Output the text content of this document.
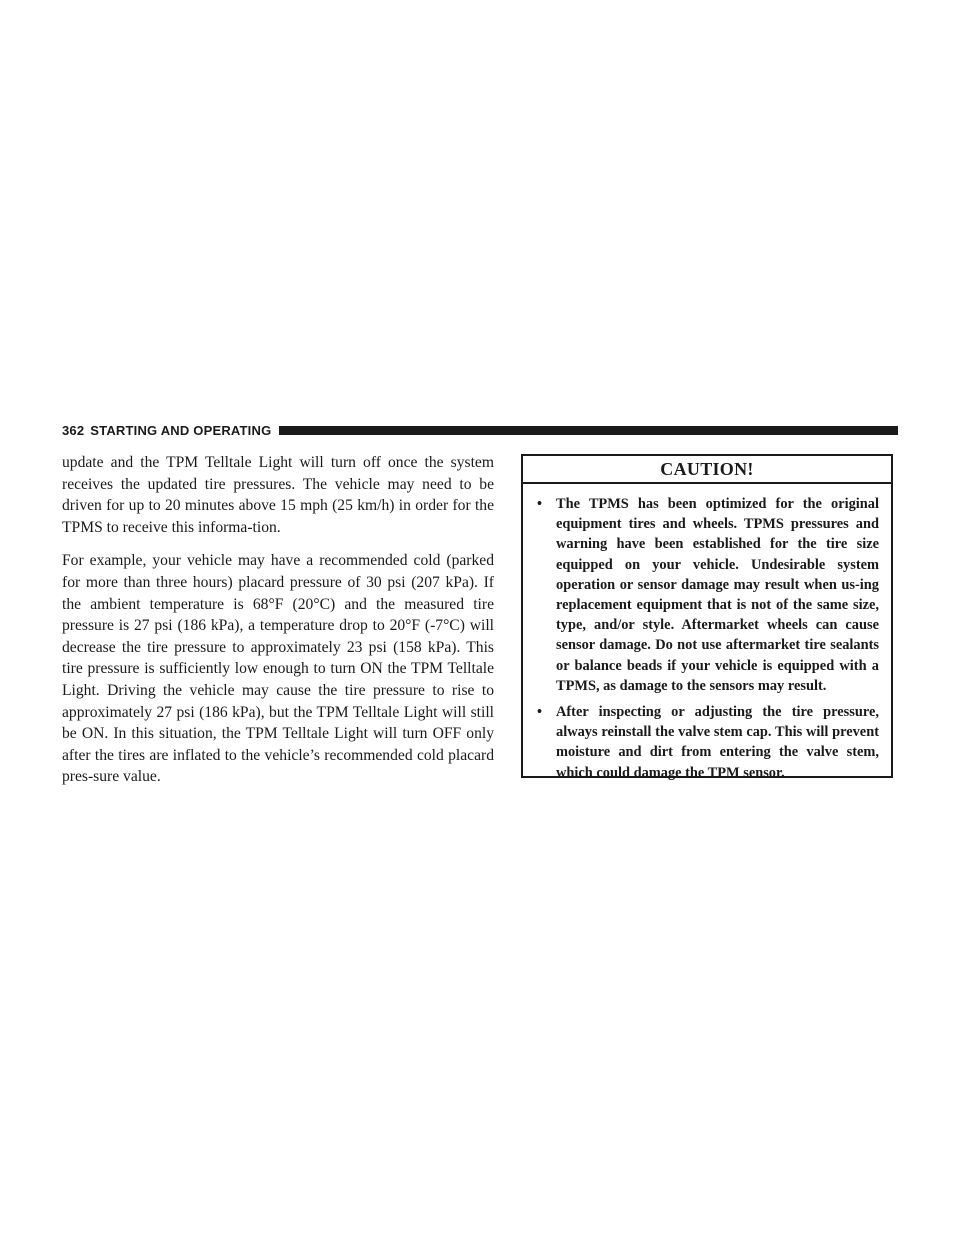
362 STARTING AND OPERATING

update and the TPM Telltale Light will turn off once the system receives the updated tire pressures. The vehicle may need to be driven for up to 20 minutes above 15 mph (25 km/h) in order for the TPMS to receive this informa-tion.

For example, your vehicle may have a recommended cold (parked for more than three hours) placard pressure of 30 psi (207 kPa). If the ambient temperature is 68°F (20°C) and the measured tire pressure is 27 psi (186 kPa), a temperature drop to 20°F (-7°C) will decrease the tire pressure to approximately 23 psi (158 kPa). This tire pressure is sufficiently low enough to turn ON the TPM Telltale Light. Driving the vehicle may cause the tire pressure to rise to approximately 27 psi (186 kPa), but the TPM Telltale Light will still be ON. In this situation, the TPM Telltale Light will turn OFF only after the tires are inflated to the vehicle’s recommended cold placard pres-sure value.

CAUTION!
• The TPMS has been optimized for the original equipment tires and wheels. TPMS pressures and warning have been established for the tire size equipped on your vehicle. Undesirable system operation or sensor damage may result when us-ing replacement equipment that is not of the same size, type, and/or style. Aftermarket wheels can cause sensor damage. Do not use aftermarket tire sealants or balance beads if your vehicle is equipped with a TPMS, as damage to the sensors may result.
• After inspecting or adjusting the tire pressure, always reinstall the valve stem cap. This will prevent moisture and dirt from entering the valve stem, which could damage the TPM sensor.
